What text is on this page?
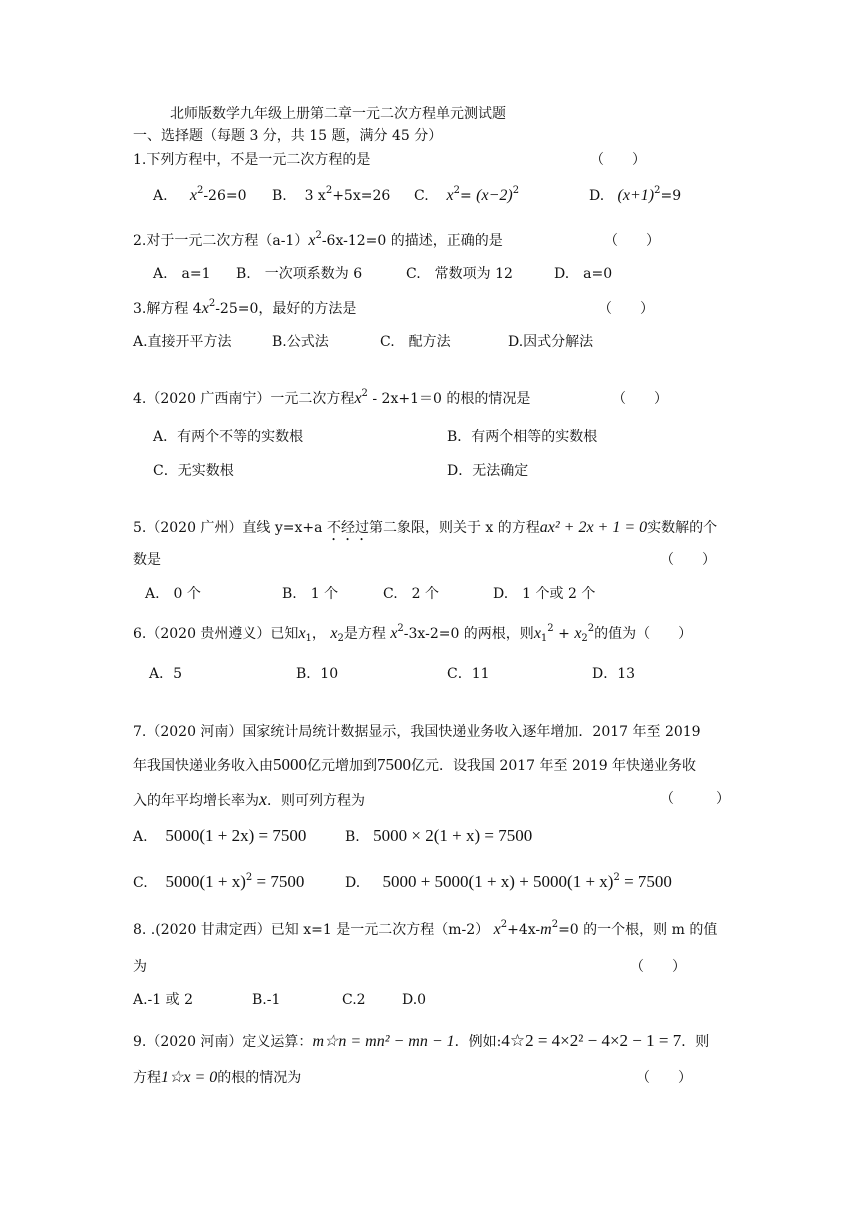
北师版数学九年级上册第二章一元二次方程单元测试题
一、选择题（每题 3 分，共 15 题，满分 45 分）
1.下列方程中，不是一元二次方程的是	（　　）
A. $x^2-26=0$ B. 3 $x^2+5x=26$ C. $x^2= (x-2)^2$	D. $(x+1)^2=9$
2.对于一元二次方程$(a-1)x^2-6x-12=0$ 的描述，正确的是	（　　）
A.　a=1 B.　一次项系数为 6	C.　常数项为 12	D.　a=0
3.解方程 $4x^2-25=0$，最好的方法是	（　　）
A.直接开平方法	B.公式法	C.　配方法	D.因式分解法
4.（2020 广西南宁）一元二次方程$x^2 - 2x+1=0$ 的根的情况是	（　　）
A．有两个不等的实数根	B．有两个相等的实数根
C．无实数根	D．无法确定
5.（2020 广州）直线 y=x+a 不经过第二象限，则关于 x 的方程ax² + 2x + 1 = 0实数解的个
数是	（　　）
A.　0 个	B.　1 个	C.　2 个	D.　1 个或 2 个
6.（2020 贵州遵义）已知$x_1$， $x_2$是方程 $x^2-3x-2=0$ 的两根，则$x_1^2 + x_2^2$的值为（　　）
A．5	B．10	C．11	D．13
7.（2020 河南）国家统计局统计数据显示，我国快递业务收入逐年增加．2017 年至 2019
年我国快递业务收入由5000亿元增加到7500亿元．设我国 2017 年至 2019 年快递业务收
入的年平均增长率为x．则可列方程为	（　　　）
A. 5000(1 + 2x) = 7500	B. 5000 × 2(1 + x) = 7500
C. $5000(1 + x)^2 = 7500$	D. $5000 + 5000(1 + x) + 5000(1 + x)^2 = 7500$
8. .(2020 甘肃定西）已知 x=1 是一元二次方程（m-2） $x^2+4x-m^2=0$ 的一个根，则 m 的值
为	（　　）
A.-1 或 2	B.-1	C.2	D.0
9.（2020 河南）定义运算：m☆n = mn² − mn − 1．例如:4☆2 = 4×2² − 4×2 − 1 = 7．则
方程1☆x = 0的根的情况为	（　　）
